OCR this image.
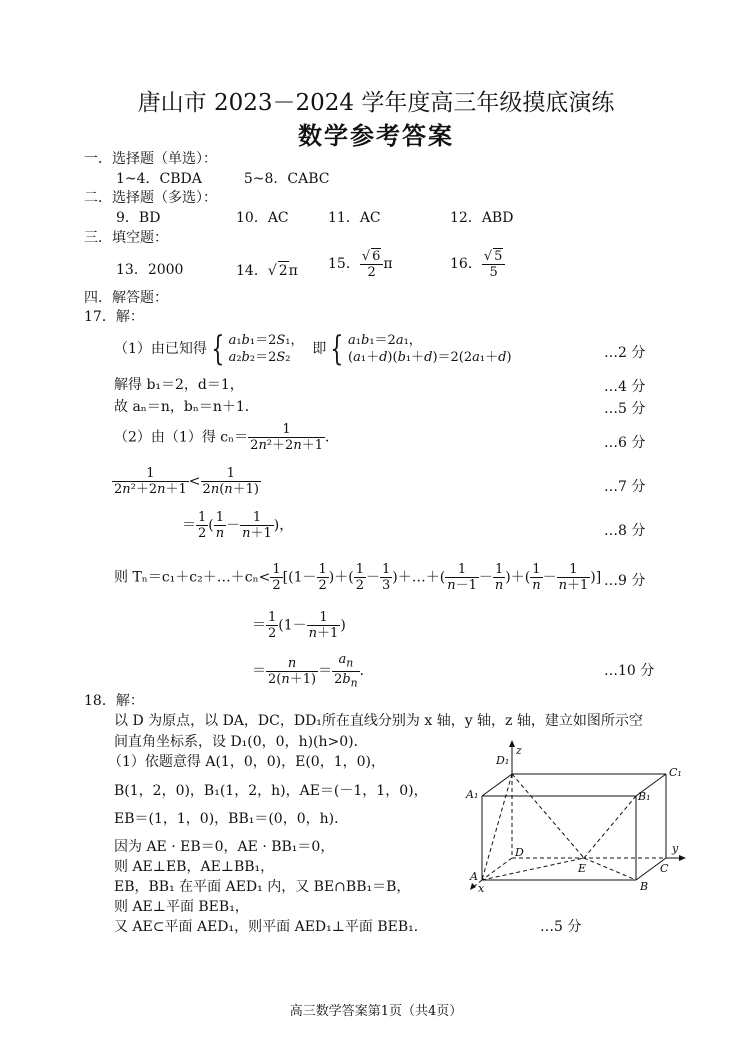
唐山市 2023－2024 学年度高三年级摸底演练
数学参考答案
一．选择题（单选）：
1~4．CBDA　　　5~8．CABC
二．选择题（多选）：
9．BD	10．AC	11．AC	12．ABD
三．填空题：
13．2000	14．√ 2π 15． $\frac{√ 6}{2}$ π	16． $\frac{√ 5}{5}$
四．解答题：
17．解：
（1）由已知得 { a₁b₁＝2S₁，
a₂b₂＝2S₂  即 { a₁b₁＝2a₁，
(a₁＋d)(b₁＋d)＝2(2a₁＋d)	…2 分
解得 b₁＝2，d＝1，	…4 分
故 aₙ＝n，bₙ＝n＋1．	…5 分
（2）由（1）得 $c_n= \frac{1}{\text{2n²＋2n＋1}}$ ．	…6 分
$\frac{1}{\text{2n²＋2n＋1}} < \frac{1}{2n(n+1)}$	…7 分
＝ $\frac{1}{2}$ ( $\frac{1}{n} - \frac{1}{n+1}$ )，	…8 分
则 Tₙ＝c₁＋c₂＋…＋cₙ< $\frac{1}{2} [(1- \frac{1}{2}$ )＋( $\frac{1}{2} - \frac{1}{3}$ )＋…＋( $\frac{1}{n-1} - \frac{1}{n}$ )＋( $\frac{1}{n} - \frac{1}{n+1}$ )] …9 分
＝ $\frac{1}{2} (1- \frac{1}{n+1}$ )
＝ $\frac{n}{2(n+1)} = \frac{a_n}{2b_n}$ ．	…10 分
18．解：
以 D 为原点，以 DA，DC，DD₁所在直线分别为 x 轴，y 轴，z 轴，建立如图所示空
间直角坐标系，设 D₁(0，0，h)(h>0)．
（1）依题意得 A(1，0，0)，E(0，1，0)，
B(1，2，0)，B₁(1，2，h)，AE＝(－1，1，0)，
EB＝(1，1，0)，BB₁＝(0，0，h)．
因为 AE · EB＝0，AE · BB₁＝0，
则 AE⊥EB，AE⊥BB₁，
EB，BB₁ 在平面 AED₁ 内，又 BE∩BB₁＝B，
则 AE⊥平面 BEB₁，
又 AE⊂平面 AED₁，则平面 AED₁⊥平面 BEB₁．	…5 分
D₁
z
C₁
A₁	B₁
D
E
y
A
C
x	B
高三数学答案第1页（共4页）
